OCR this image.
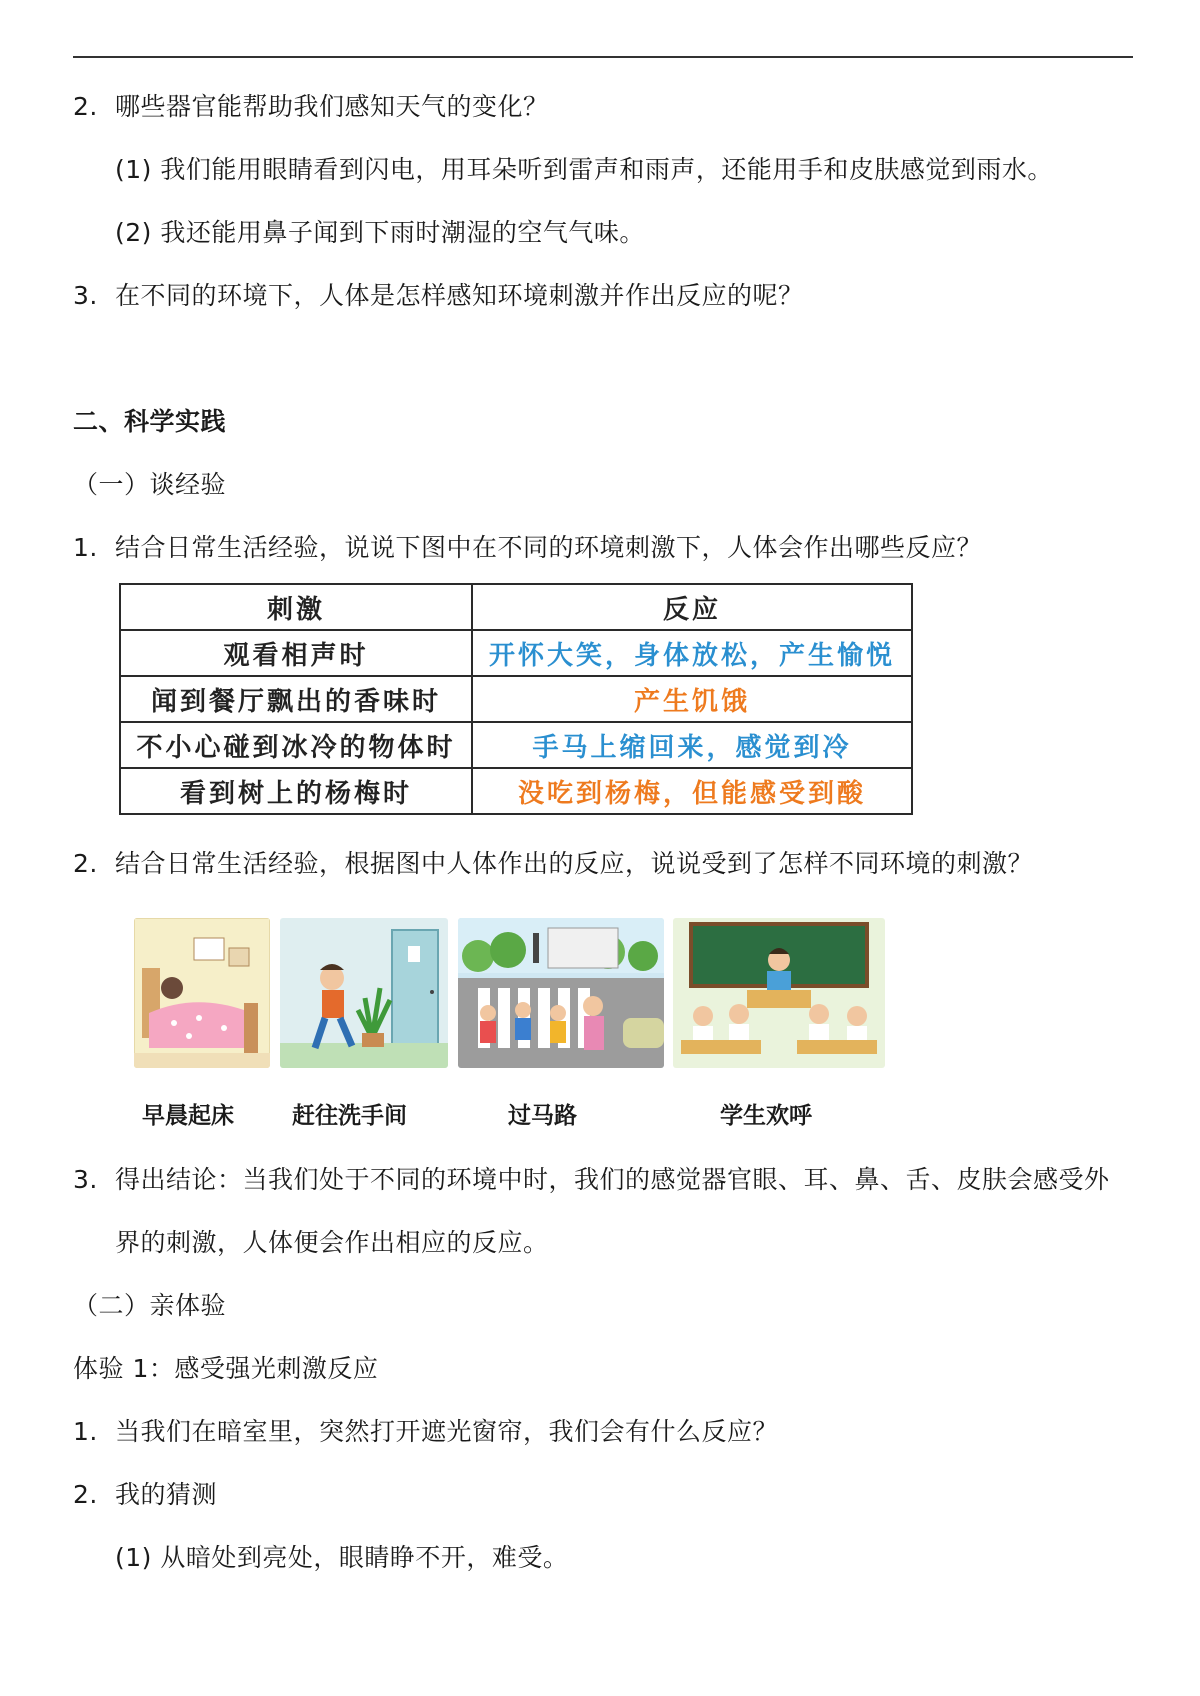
2. 哪些器官能帮助我们感知天气的变化？
(1) 我们能用眼睛看到闪电，用耳朵听到雷声和雨声，还能用手和皮肤感觉到雨水。
(2) 我还能用鼻子闻到下雨时潮湿的空气气味。
3. 在不同的环境下，人体是怎样感知环境刺激并作出反应的呢？
二、科学实践
（一）谈经验
1. 结合日常生活经验，说说下图中在不同的环境刺激下，人体会作出哪些反应？
刺激	反应
观看相声时	开怀大笑，身体放松，产生愉悦
闻到餐厅飘出的香味时	产生饥饿
不小心碰到冰冷的物体时	手马上缩回来，感觉到冷
看到树上的杨梅时	没吃到杨梅，但能感受到酸
2. 结合日常生活经验，根据图中人体作出的反应，说说受到了怎样不同环境的刺激？
早晨起床	赶往洗手间	过马路	学生欢呼
3. 得出结论：当我们处于不同的环境中时，我们的感觉器官眼、耳、鼻、舌、皮肤会感受外
界的刺激，人体便会作出相应的反应。
（二）亲体验
体验 1：感受强光刺激反应
1. 当我们在暗室里，突然打开遮光窗帘，我们会有什么反应？
2. 我的猜测
(1) 从暗处到亮处，眼睛睁不开，难受。
